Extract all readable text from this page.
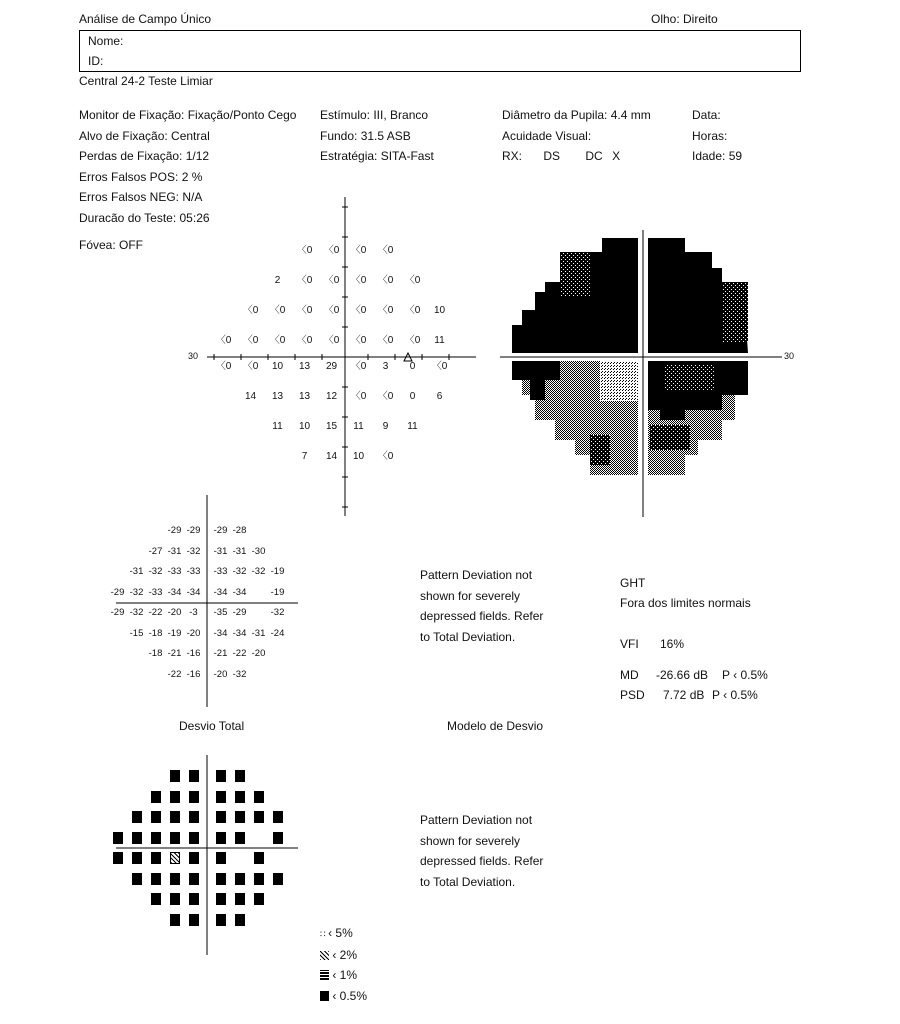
Análise de Campo Único	Olho: Direito
Nome:
ID:
Central 24-2 Teste Limiar
Monitor de Fixação: Fixação/Ponto Cego
Alvo de Fixação: Central
Perdas de Fixação: 1/12
Erros Falsos POS: 2 %
Erros Falsos NEG: N/A
Duracão do Teste: 05:26
Estímulo: III, Branco
Fundo: 31.5 ASB
Estratégia: SITA-Fast
Diâmetro da Pupila: 4.4 mm
Acuidade Visual:
RX: DS DC X
Data:
Horas:
Idade: 59
Fóvea: OFF
30	30
〈0	〈0	〈0	〈0
2	〈0	〈0	〈0	〈0	〈0
〈0	〈0	〈0	〈0	〈0	〈0	〈0	10
〈0	〈0	〈0	〈0	〈0	〈0	〈0	〈0	11
〈0	〈0	10	13	29	〈0	3	0	〈0
14	13	13	12	〈0	〈0	0	6
11	10	15	11	9	11
7	14	10	〈0
-29 -29	-29 -28
-27 -31 -32	-31 -31 -30
-31 -32 -33 -33	-33 -32 -32 -19
-29 -32 -33 -34 -34	-34 -34	-19
-29 -32 -22 -20 -3	-35 -29	-32
-15 -18 -19 -20	-34 -34 -31 -24
-18 -21 -16	-21 -22 -20
-22 -16	-20 -32
Pattern Deviation not
shown for severely
depressed fields. Refer
to Total Deviation.
Pattern Deviation not
shown for severely
depressed fields. Refer
to Total Deviation.
GHT
Fora dos limites normais
VFI 16%
MD -26.66 dB P ‹ 0.5%
PSD 7.72 dB P ‹ 0.5%
Desvio Total	Modelo de Desvio
∷ ‹ 5%
‹ 2%
‹ 1%
‹ 0.5%
